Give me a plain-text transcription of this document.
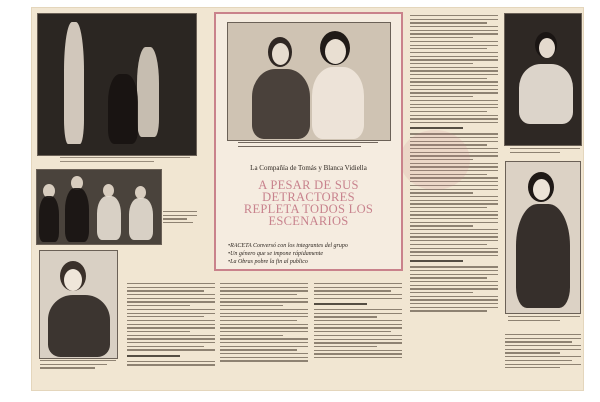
La Compañía de Tomás y Blanca Vidiella
A PESAR DE SUS
DETRACTORES
REPLETA TODOS LOS
ESCENARIOS
•RACETA Conversó con los integrantes del grupo
•Un género que se impone rápidamente
•La Obras pobre la fin al publico
